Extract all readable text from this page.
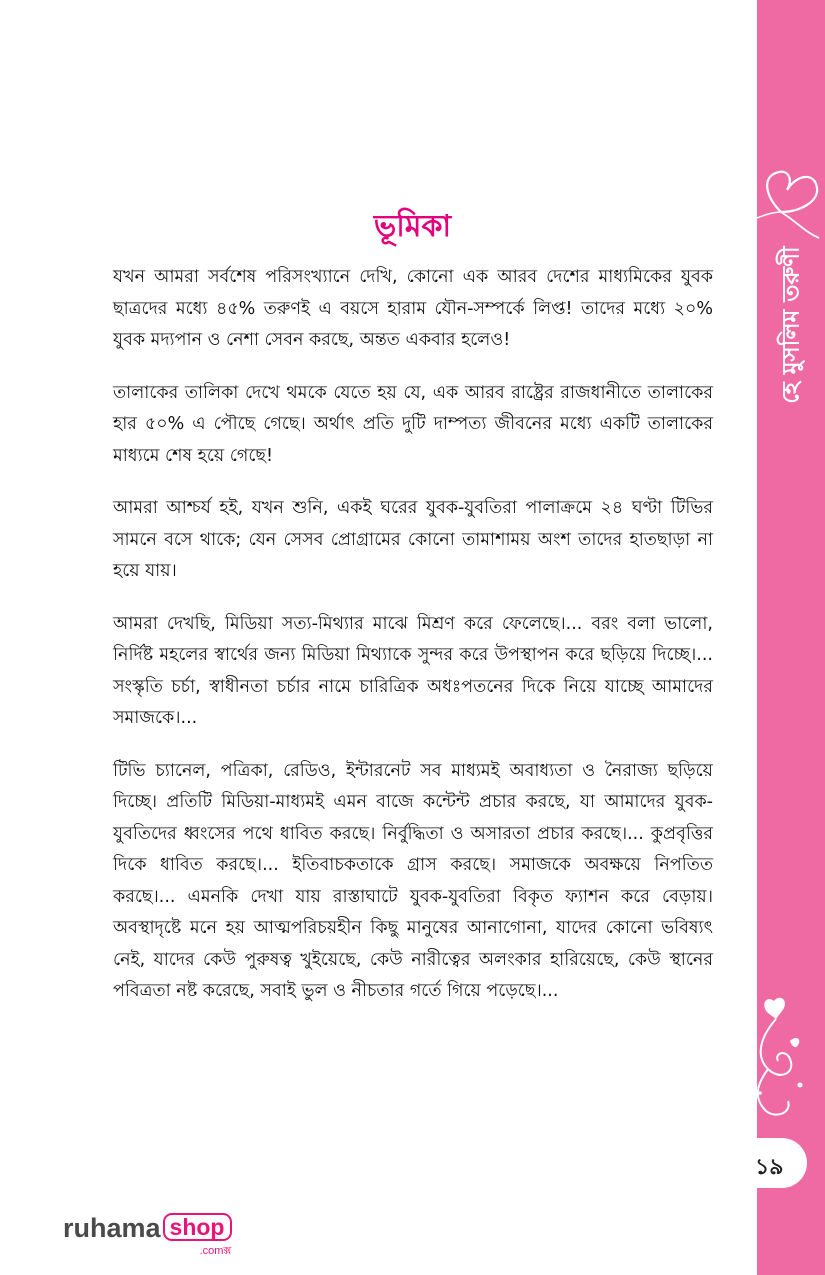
হে মুসলিম তরুণী
১৯
ভূমিকা

যখন আমরা সর্বশেষ পরিসংখ্যানে দেখি, কোনো এক আরব দেশের মাধ্যমিকের যুবক ছাত্রদের মধ্যে ৪৫% তরুণই এ বয়সে হারাম যৌন-সম্পর্কে লিপ্ত! তাদের মধ্যে ২০% যুবক মদ্যপান ও নেশা সেবন করছে, অন্তত একবার হলেও!

তালাকের তালিকা দেখে থমকে যেতে হয় যে, এক আরব রাষ্ট্রের রাজধানীতে তালাকের হার ৫০% এ পৌছে গেছে। অর্থাৎ প্রতি দুটি দাম্পত্য জীবনের মধ্যে একটি তালাকের মাধ্যমে শেষ হয়ে গেছে!

আমরা আশ্চর্য হই, যখন শুনি, একই ঘরের যুবক-যুবতিরা পালাক্রমে ২৪ ঘণ্টা টিভির সামনে বসে থাকে; যেন সেসব প্রোগ্রামের কোনো তামাশাময় অংশ তাদের হাতছাড়া না হয়ে যায়।

আমরা দেখছি, মিডিয়া সত্য-মিথ্যার মাঝে মিশ্রণ করে ফেলেছে।... বরং বলা ভালো, নির্দিষ্ট মহলের স্বার্থের জন্য মিডিয়া মিথ্যাকে সুন্দর করে উপস্থাপন করে ছড়িয়ে দিচ্ছে।... সংস্কৃতি চর্চা, স্বাধীনতা চর্চার নামে চারিত্রিক অধঃপতনের দিকে নিয়ে যাচ্ছে আমাদের সমাজকে।...

টিভি চ্যানেল, পত্রিকা, রেডিও, ইন্টারনেট সব মাধ্যমই অবাধ্যতা ও নৈরাজ্য ছড়িয়ে দিচ্ছে। প্রতিটি মিডিয়া-মাধ্যমই এমন বাজে কন্টেন্ট প্রচার করছে, যা আমাদের যুবক-যুবতিদের ধ্বংসের পথে ধাবিত করছে। নির্বুদ্ধিতা ও অসারতা প্রচার করছে।... কুপ্রবৃত্তির দিকে ধাবিত করছে।... ইতিবাচকতাকে গ্রাস করছে। সমাজকে অবক্ষয়ে নিপতিত করছে।... এমনকি দেখা যায় রাস্তাঘাটে যুবক-যুবতিরা বিকৃত ফ্যাশন করে বেড়ায়। অবস্থাদৃষ্টে মনে হয় আত্মপরিচয়হীন কিছু মানুষের আনাগোনা, যাদের কোনো ভবিষ্যৎ নেই, যাদের কেউ পুরুষত্ব খুইয়েছে, কেউ নারীত্বের অলংকার হারিয়েছে, কেউ স্থানের পবিত্রতা নষ্ট করেছে, সবাই ভুল ও নীচতার গর্তে গিয়ে পড়েছে।...

ruhama shop
.comক্স
